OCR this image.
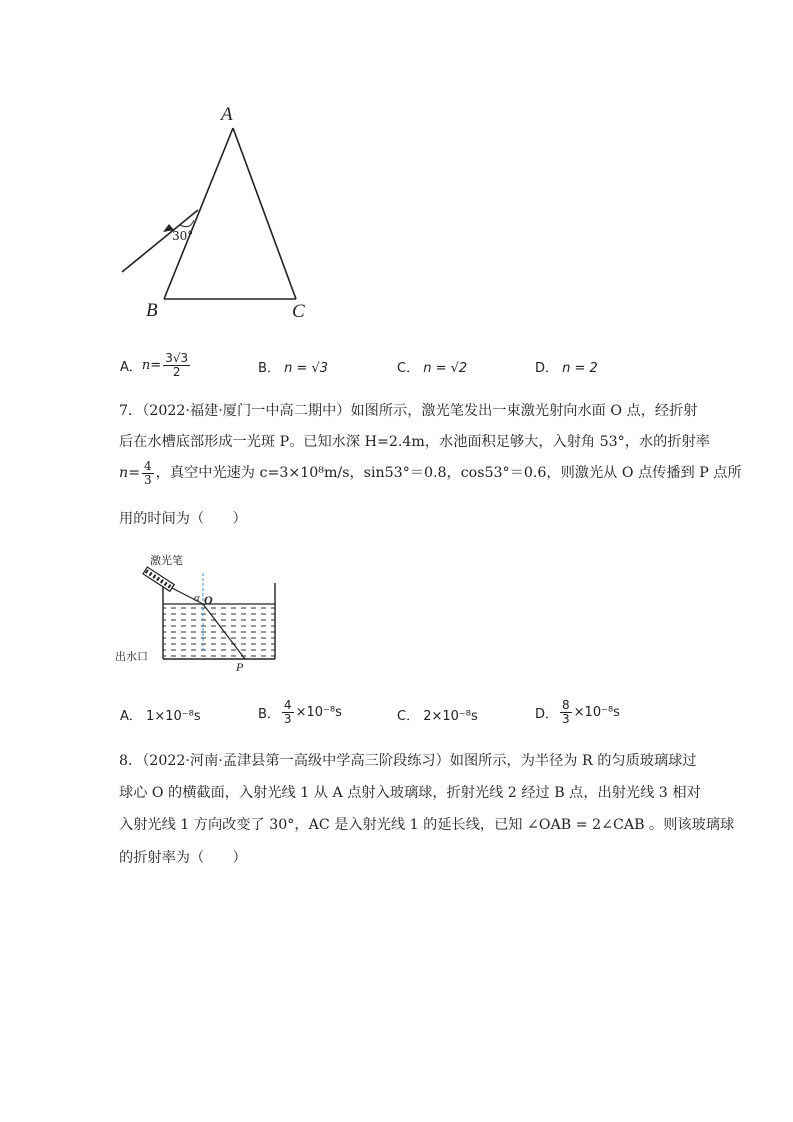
A
B	C
30°
A． $n = \frac{3√3}{2}$	B． n = √3	C． n = √2	D． n = 2
7．（2022·福建·厦门一中高二期中）如图所示，激光笔发出一束激光射向水面 O 点，经折射
后在水槽底部形成一光斑 P。已知水深 H=2.4m，水池面积足够大，入射角 53°，水的折射率
$n = \frac{4}{3}$ ，真空中光速为 c=3×10⁸m/s，sin53°＝0.8，cos53°＝0.6，则激光从 O 点传播到 P 点所
用的时间为（　　）
激光笔
出水口
O
α
P
A． 1×10⁻⁸s	B． $\frac{4}{3} \times 10^{-8}s$	C． 2×10⁻⁸s	D． $\frac{8}{3} \times 10^{-8}s$
8．（2022·河南·孟津县第一高级中学高三阶段练习）如图所示，为半径为 R 的匀质玻璃球过
球心 O 的横截面，入射光线 1 从 A 点射入玻璃球，折射光线 2 经过 B 点，出射光线 3 相对
入射光线 1 方向改变了 30°，AC 是入射光线 1 的延长线，已知 ∠OAB = 2∠CAB 。则该玻璃球
的折射率为（　　）
